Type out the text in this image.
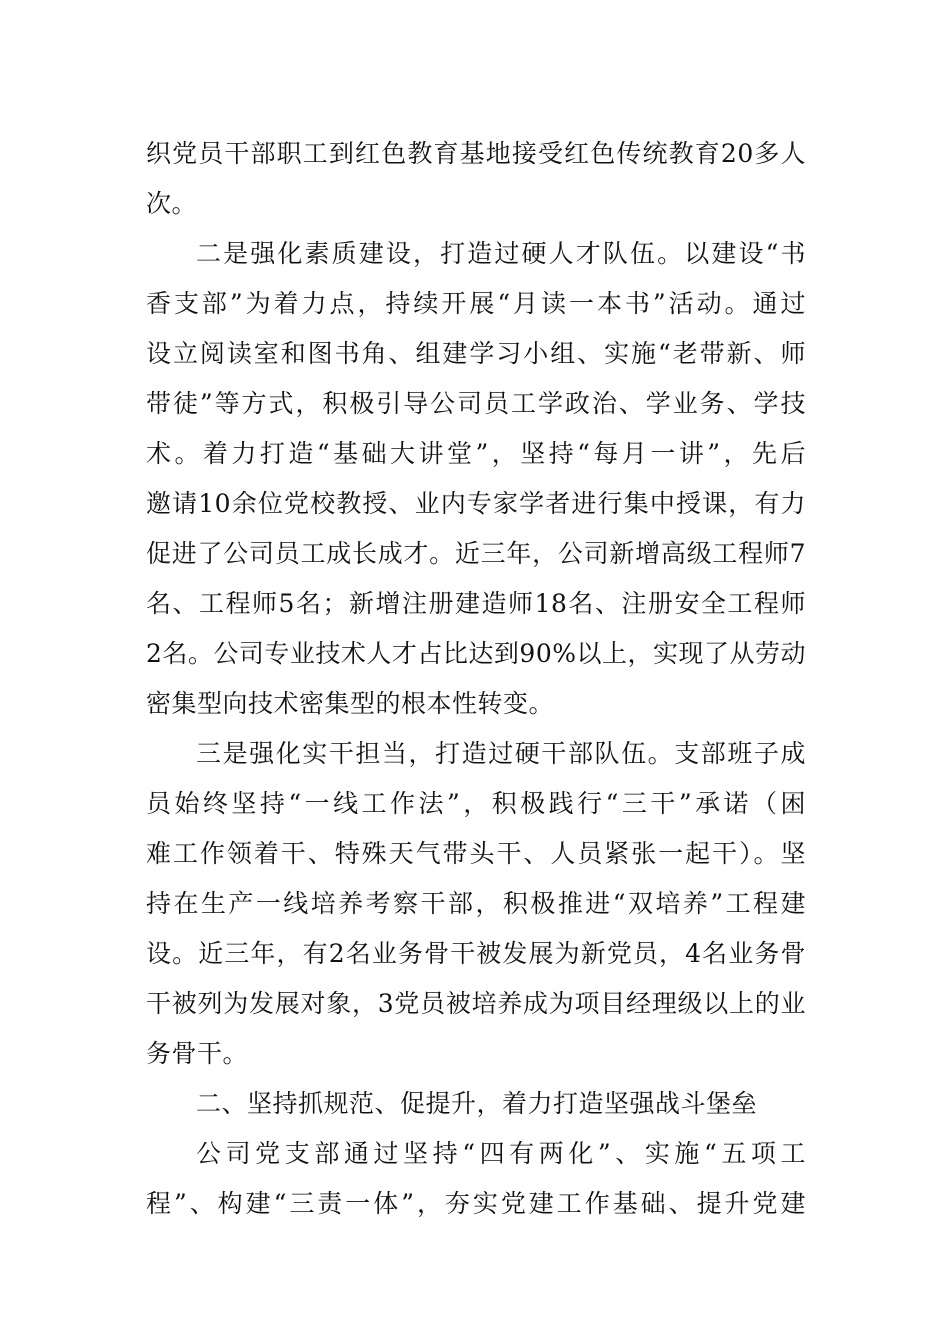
织党员干部职工到红色教育基地接受红色传统教育20多人
次。
二是强化素质建设，打造过硬人才队伍。以建设“书
香支部”为着力点，持续开展“月读一本书”活动。通过
设立阅读室和图书角、组建学习小组、实施“老带新、师
带徒”等方式，积极引导公司员工学政治、学业务、学技
术。着力打造“基础大讲堂”，坚持“每月一讲”，先后
邀请10余位党校教授、业内专家学者进行集中授课，有力
促进了公司员工成长成才。近三年，公司新增高级工程师7
名、工程师5名；新增注册建造师18名、注册安全工程师
2名。公司专业技术人才占比达到90%以上，实现了从劳动
密集型向技术密集型的根本性转变。
三是强化实干担当，打造过硬干部队伍。支部班子成
员始终坚持“一线工作法”，积极践行“三干”承诺（困
难工作领着干、特殊天气带头干、人员紧张一起干）。坚
持在生产一线培养考察干部，积极推进“双培养”工程建
设。近三年，有2名业务骨干被发展为新党员，4名业务骨
干被列为发展对象，3党员被培养成为项目经理级以上的业
务骨干。
二、坚持抓规范、促提升，着力打造坚强战斗堡垒
公司党支部通过坚持“四有两化”、实施“五项工
程”、构建“三责一体”，夯实党建工作基础、提升党建
